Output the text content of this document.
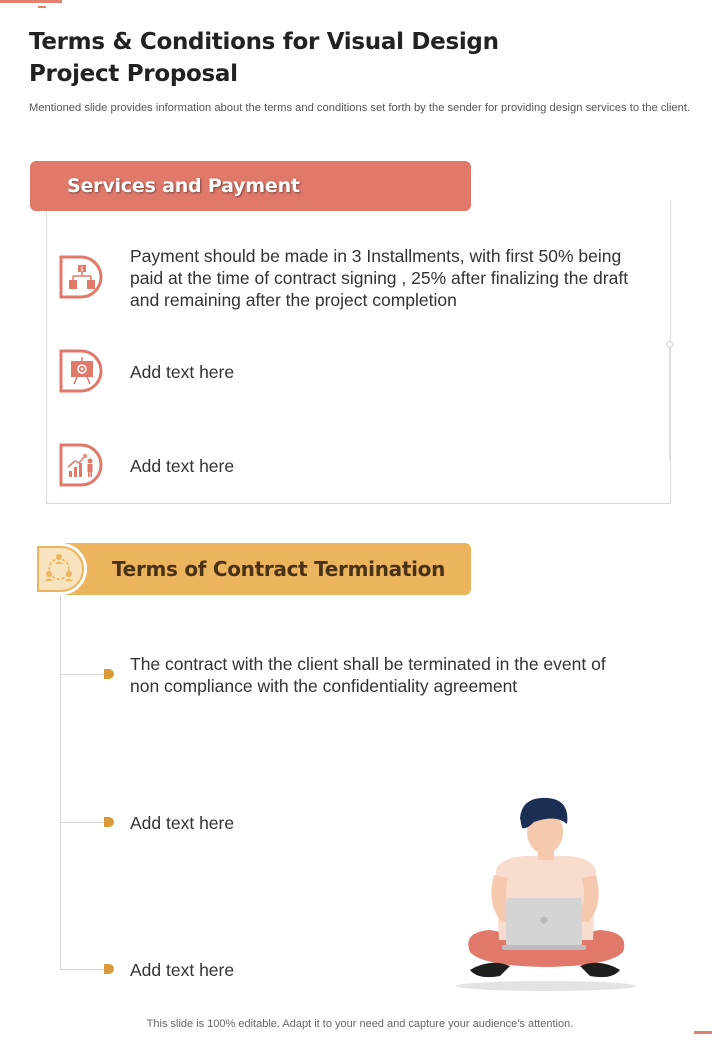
Terms & Conditions for Visual Design Project Proposal

Mentioned slide provides information about the terms and conditions set forth by the sender for providing design services to the client.

Services and Payment
$
Payment should be made in 3 Installments, with first 50% being paid at the time of contract signing , 25% after finalizing the draft and remaining after the project completion
Add text here
Add text here
Terms of Contract Termination
The contract with the client shall be terminated in the event of non compliance with the confidentiality agreement
Add text here
Add text here

This slide is 100% editable. Adapt it to your need and capture your audience’s attention.
